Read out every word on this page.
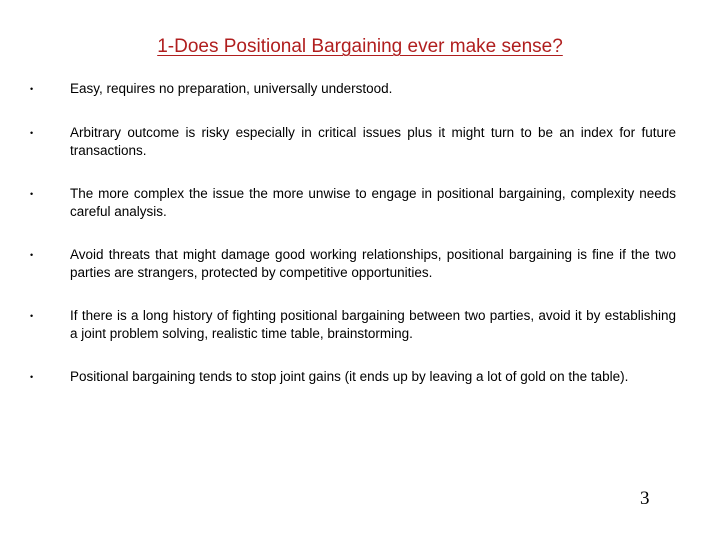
1-Does Positional Bargaining ever make sense?
•	Easy, requires no preparation, universally understood.
•	Arbitrary outcome is risky especially in critical issues plus it might turn to be an index for future transactions.
•	The more complex the issue the more unwise to engage in positional bargaining, complexity needs careful analysis.
•	Avoid threats that might damage good working relationships, positional bargaining is fine if the two parties are strangers, protected by competitive opportunities.
•	If there is a long history of fighting positional bargaining between two parties, avoid it by establishing a joint problem solving, realistic time table, brainstorming.
•	Positional bargaining tends to stop joint gains (it ends up by leaving a lot of gold on the table).
3
